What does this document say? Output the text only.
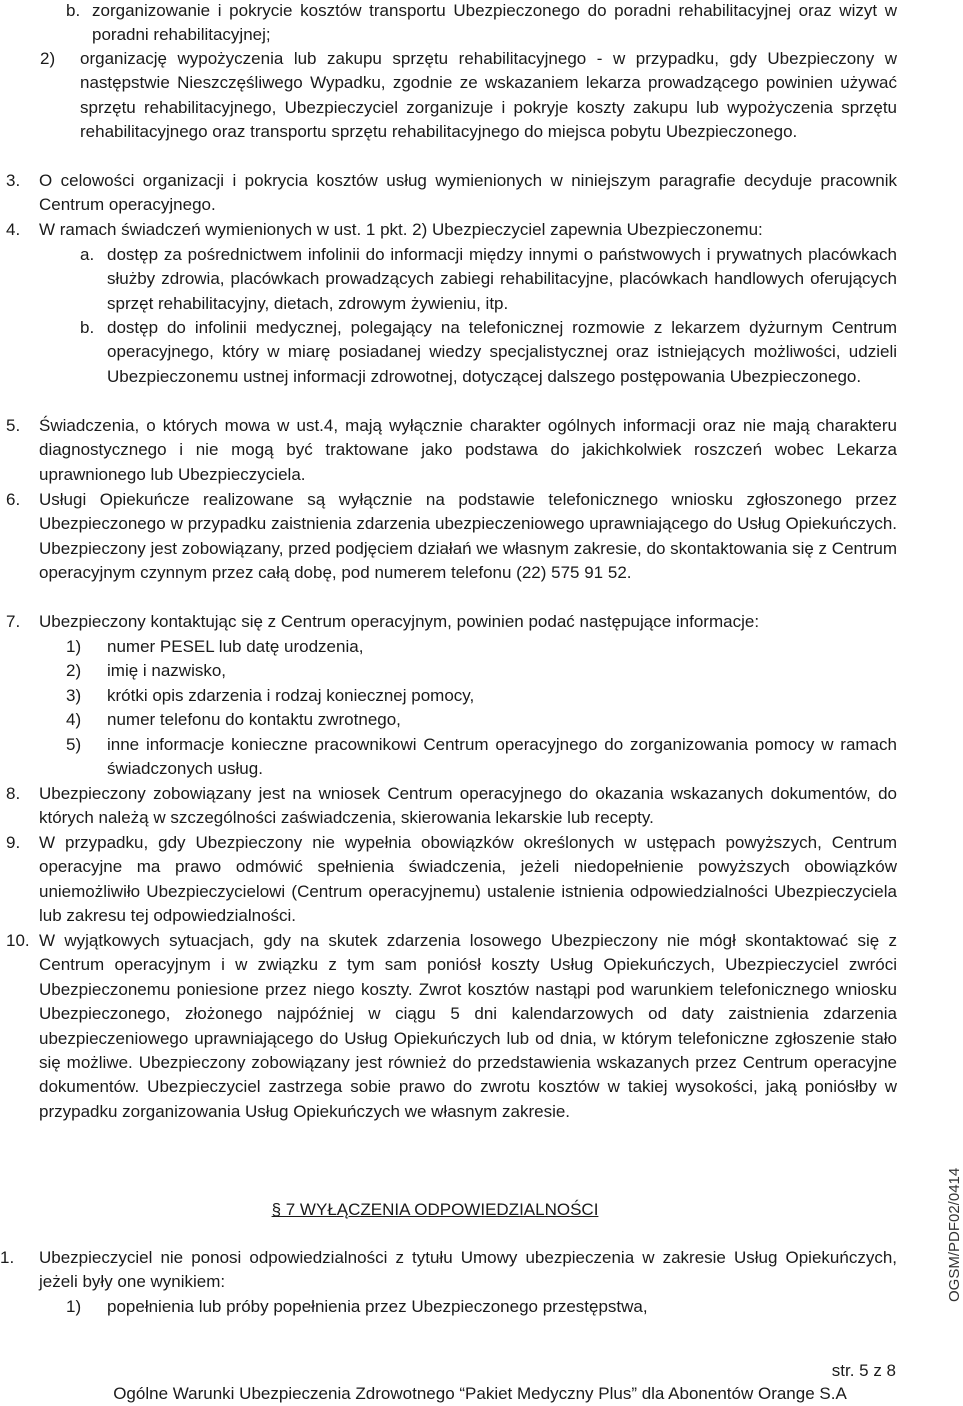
b. zorganizowanie i pokrycie kosztów transportu Ubezpieczonego do poradni rehabilitacyjnej oraz wizyt w poradni rehabilitacyjnej;
2) organizację wypożyczenia lub zakupu sprzętu rehabilitacyjnego - w przypadku, gdy Ubezpieczony w następstwie Nieszczęśliwego Wypadku, zgodnie ze wskazaniem lekarza prowadzącego powinien używać sprzętu rehabilitacyjnego, Ubezpieczyciel zorganizuje i pokryje koszty zakupu lub wypożyczenia sprzętu rehabilitacyjnego oraz transportu sprzętu rehabilitacyjnego do miejsca pobytu Ubezpieczonego.
3. O celowości organizacji i pokrycia kosztów usług wymienionych w niniejszym paragrafie decyduje pracownik Centrum operacyjnego.
4. W ramach świadczeń wymienionych w ust. 1 pkt. 2) Ubezpieczyciel zapewnia Ubezpieczonemu:
a. dostęp za pośrednictwem infolinii do informacji między innymi o państwowych i prywatnych placówkach służby zdrowia, placówkach prowadzących zabiegi rehabilitacyjne, placówkach handlowych oferujących sprzęt rehabilitacyjny, dietach, zdrowym żywieniu, itp.
b. dostęp do infolinii medycznej, polegający na telefonicznej rozmowie z lekarzem dyżurnym Centrum operacyjnego, który w miarę posiadanej wiedzy specjalistycznej oraz istniejących możliwości, udzieli Ubezpieczonemu ustnej informacji zdrowotnej, dotyczącej dalszego postępowania Ubezpieczonego.
5. Świadczenia, o których mowa w ust.4, mają wyłącznie charakter ogólnych informacji oraz nie mają charakteru diagnostycznego i nie mogą być traktowane jako podstawa do jakichkolwiek roszczeń wobec Lekarza uprawnionego lub Ubezpieczyciela.
6. Usługi Opiekuńcze realizowane są wyłącznie na podstawie telefonicznego wniosku zgłoszonego przez Ubezpieczonego w przypadku zaistnienia zdarzenia ubezpieczeniowego uprawniającego do Usług Opiekuńczych. Ubezpieczony jest zobowiązany, przed podjęciem działań we własnym zakresie, do skontaktowania się z Centrum operacyjnym czynnym przez całą dobę, pod numerem telefonu (22) 575 91 52.
7. Ubezpieczony kontaktując się z Centrum operacyjnym, powinien podać następujące informacje:
1) numer PESEL lub datę urodzenia,
2) imię i nazwisko,
3) krótki opis zdarzenia i rodzaj koniecznej pomocy,
4) numer telefonu do kontaktu zwrotnego,
5) inne informacje konieczne pracownikowi Centrum operacyjnego do zorganizowania pomocy w ramach świadczonych usług.
8. Ubezpieczony zobowiązany jest na wniosek Centrum operacyjnego do okazania wskazanych dokumentów, do których należą w szczególności zaświadczenia, skierowania lekarskie lub recepty.
9. W przypadku, gdy Ubezpieczony nie wypełnia obowiązków określonych w ustępach powyższych, Centrum operacyjne ma prawo odmówić spełnienia świadczenia, jeżeli niedopełnienie powyższych obowiązków uniemożliwiło Ubezpieczycielowi (Centrum operacyjnemu) ustalenie istnienia odpowiedzialności Ubezpieczyciela lub zakresu tej odpowiedzialności.
10. W wyjątkowych sytuacjach, gdy na skutek zdarzenia losowego Ubezpieczony nie mógł skontaktować się z Centrum operacyjnym i w związku z tym sam poniósł koszty Usług Opiekuńczych, Ubezpieczyciel zwróci Ubezpieczonemu poniesione przez niego koszty. Zwrot kosztów nastąpi pod warunkiem telefonicznego wniosku Ubezpieczonego, złożonego najpóźniej w ciągu 5 dni kalendarzowych od daty zaistnienia zdarzenia ubezpieczeniowego uprawniającego do Usług Opiekuńczych lub od dnia, w którym telefoniczne zgłoszenie stało się możliwe. Ubezpieczony zobowiązany jest również do przedstawienia wskazanych przez Centrum operacyjne dokumentów. Ubezpieczyciel zastrzega sobie prawo do zwrotu kosztów w takiej wysokości, jaką poniósłby w przypadku zorganizowania Usług Opiekuńczych we własnym zakresie.
§ 7 WYŁĄCZENIA ODPOWIEDZIALNOŚCI
1. Ubezpieczyciel nie ponosi odpowiedzialności z tytułu Umowy ubezpieczenia w zakresie Usług Opiekuńczych, jeżeli były one wynikiem:
1) popełnienia lub próby popełnienia przez Ubezpieczonego przestępstwa,
OGSM/PDF02/0414
str. 5 z 8
Ogólne Warunki Ubezpieczenia Zdrowotnego “Pakiet Medyczny Plus” dla Abonentów Orange S.A
